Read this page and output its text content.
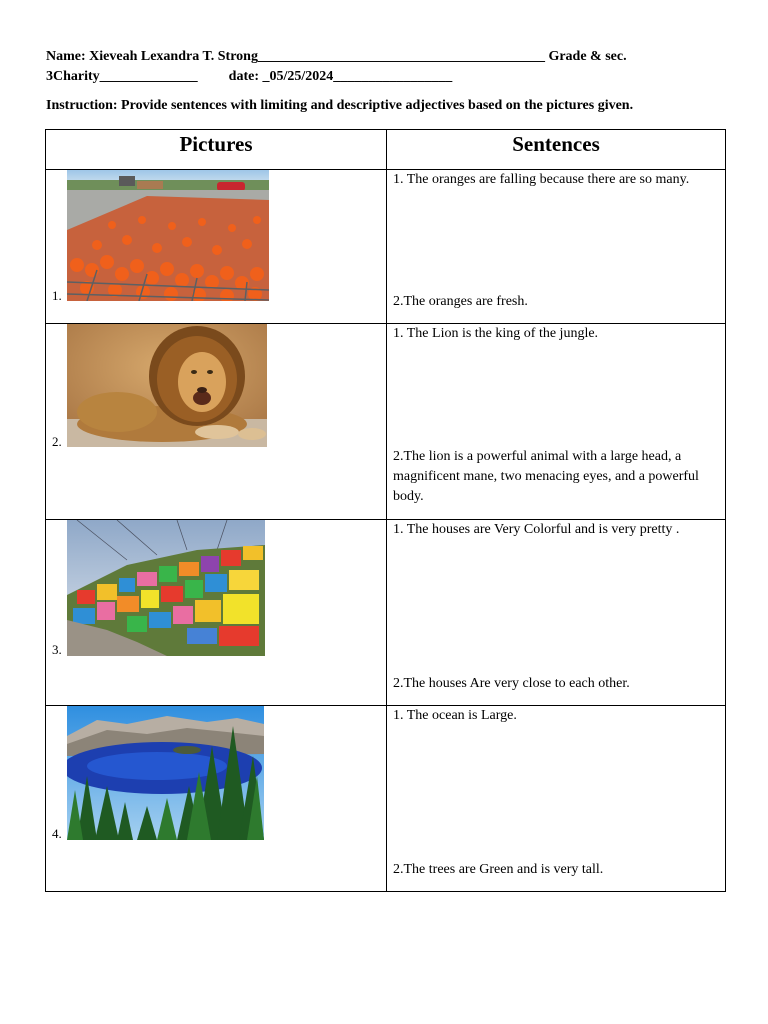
Name: Xieveah Lexandra T. Strong_________________________________________ Grade & sec.
3Charity______________ date: _05/25/2024_________________
Instruction: Provide sentences with limiting and descriptive adjectives based on the pictures given.
Pictures	Sentences

1.	1. The oranges are falling because there are so many.
2.The oranges are fresh.

2.	1. The Lion is the king of the jungle.
2.The lion is a powerful animal with a large head, a magnificent mane, two menacing eyes, and a powerful body.

3.	1. The houses are Very Colorful and is very pretty .
2.The houses Are very close to each other.

4.	1. The ocean is Large.
2.The trees are Green and is very tall.
